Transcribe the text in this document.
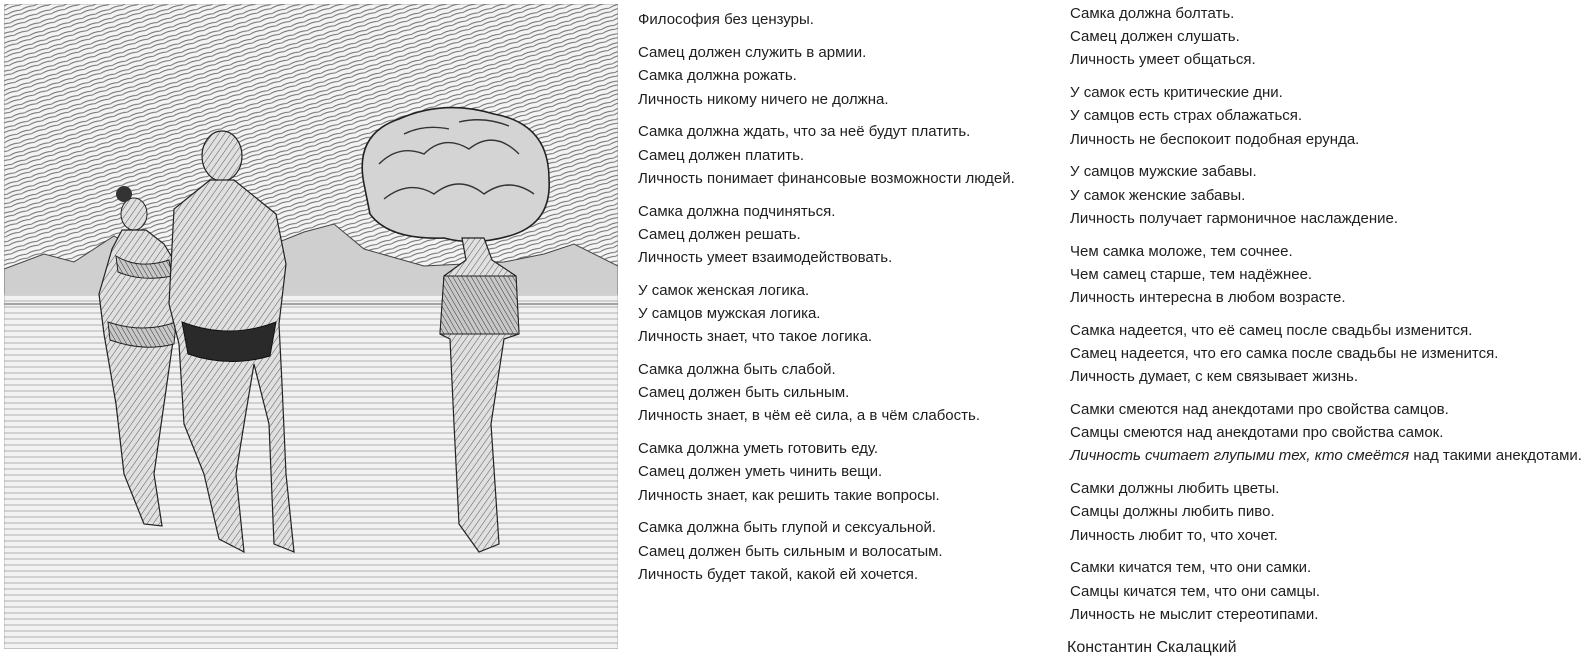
Философия без цензуры.
Самец должен служить в армии.
Самка должна рожать.
Личность никому ничего не должна.
Самка должна ждать, что за неё будут платить.
Самец должен платить.
Личность понимает финансовые возможности людей.
Самка должна подчиняться.
Самец должен решать.
Личность умеет взаимодействовать.
У самок женская логика.
У самцов мужская логика.
Личность знает, что такое логика.
Самка должна быть слабой.
Самец должен быть сильным.
Личность знает, в чём её сила, а в чём слабость.
Самка должна уметь готовить еду.
Самец должен уметь чинить вещи.
Личность знает, как решить такие вопросы.
Самка должна быть глупой и сексуальной.
Самец должен быть сильным и волосатым.
Личность будет такой, какой ей хочется.
Самка должна болтать.
Самец должен слушать.
Личность умеет общаться.
У самок есть критические дни.
У самцов есть страх облажаться.
Личность не беспокоит подобная ерунда.
У самцов мужские забавы.
У самок женские забавы.
Личность получает гармоничное наслаждение.
Чем самка моложе, тем сочнее.
Чем самец старше, тем надёжнее.
Личность интересна в любом возрасте.
Самка надеется, что её самец после свадьбы изменится.
Самец надеется, что его самка после свадьбы не изменится.
Личность думает, с кем связывает жизнь.
Самки смеются над анекдотами про свойства самцов.
Самцы смеются над анекдотами про свойства самок.
Личность считает глупыми тех, кто смеётся над такими анекдотами.
Самки должны любить цветы.
Самцы должны любить пиво.
Личность любит то, что хочет.
Самки кичатся тем, что они самки.
Самцы кичатся тем, что они самцы.
Личность не мыслит стереотипами.
Константин Скалацкий
